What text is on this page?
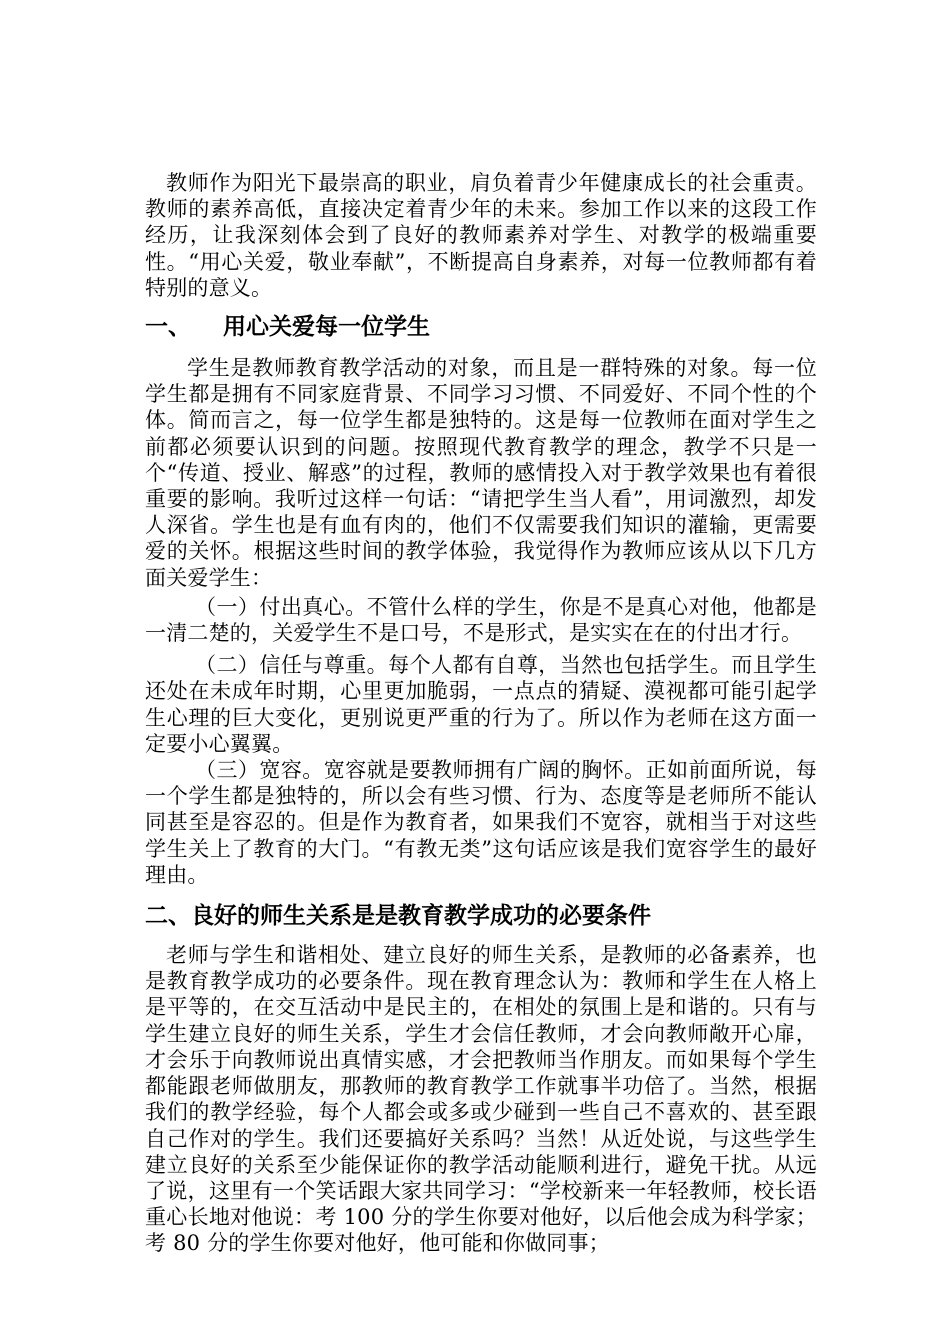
教师作为阳光下最崇高的职业，肩负着青少年健康成长的社会重责。教师的素养高低，直接决定着青少年的未来。参加工作以来的这段工作经历，让我深刻体会到了良好的教师素养对学生、对教学的极端重要性。“用心关爱，敬业奉献”，不断提高自身素养，对每一位教师都有着特别的意义。

一、	用心关爱每一位学生

学生是教师教育教学活动的对象，而且是一群特殊的对象。每一位学生都是拥有不同家庭背景、不同学习习惯、不同爱好、不同个性的个体。简而言之，每一位学生都是独特的。这是每一位教师在面对学生之前都必须要认识到的问题。按照现代教育教学的理念，教学不只是一个“传道、授业、解惑”的过程，教师的感情投入对于教学效果也有着很重要的影响。我听过这样一句话：“请把学生当人看”，用词激烈，却发人深省。学生也是有血有肉的，他们不仅需要我们知识的灌输，更需要爱的关怀。根据这些时间的教学体验，我觉得作为教师应该从以下几方面关爱学生：

（一）付出真心。不管什么样的学生，你是不是真心对他，他都是一清二楚的，关爱学生不是口号，不是形式，是实实在在的付出才行。

（二）信任与尊重。每个人都有自尊，当然也包括学生。而且学生还处在未成年时期，心里更加脆弱，一点点的猜疑、漠视都可能引起学生心理的巨大变化，更别说更严重的行为了。所以作为老师在这方面一定要小心翼翼。

（三）宽容。宽容就是要教师拥有广阔的胸怀。正如前面所说，每一个学生都是独特的，所以会有些习惯、行为、态度等是老师所不能认同甚至是容忍的。但是作为教育者，如果我们不宽容，就相当于对这些学生关上了教育的大门。“有教无类”这句话应该是我们宽容学生的最好理由。

二、良好的师生关系是是教育教学成功的必要条件

老师与学生和谐相处、建立良好的师生关系，是教师的必备素养，也是教育教学成功的必要条件。现在教育理念认为：教师和学生在人格上是平等的，在交互活动中是民主的，在相处的氛围上是和谐的。只有与学生建立良好的师生关系，学生才会信任教师，才会向教师敞开心扉，才会乐于向教师说出真情实感，才会把教师当作朋友。而如果每个学生都能跟老师做朋友，那教师的教育教学工作就事半功倍了。当然，根据我们的教学经验，每个人都会或多或少碰到一些自己不喜欢的、甚至跟自己作对的学生。我们还要搞好关系吗？当然！从近处说，与这些学生建立良好的关系至少能保证你的教学活动能顺利进行，避免干扰。从远了说，这里有一个笑话跟大家共同学习：“学校新来一年轻教师，校长语重心长地对他说：考 100 分的学生你要对他好，以后他会成为科学家；考 80 分的学生你要对他好，他可能和你做同事；
